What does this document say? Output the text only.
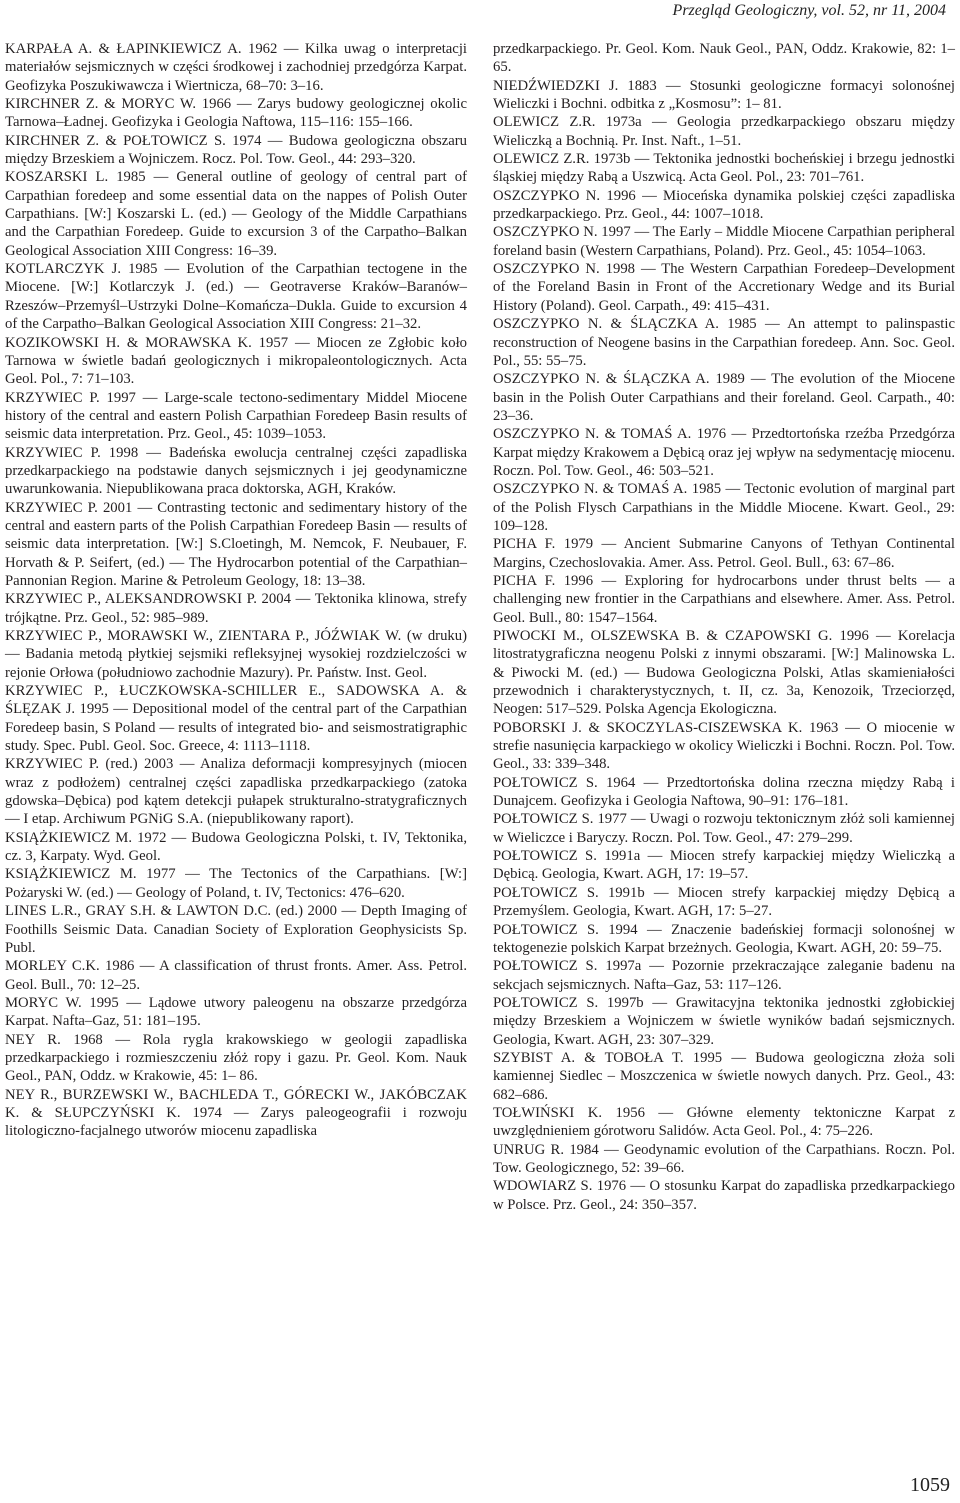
Przegląd Geologiczny, vol. 52, nr 11, 2004

KARPAŁA A. & ŁAPINKIEWICZ A. 1962 — Kilka uwag o interpretacji materiałów sejsmicznych w części środkowej i zachodniej przedgórza Karpat. Geofizyka Poszukiwawcza i Wiertnicza, 68–70: 3–16.

KIRCHNER Z. & MORYC W. 1966 — Zarys budowy geologicznej okolic Tarnowa–Ładnej. Geofizyka i Geologia Naftowa, 115–116: 155–166.

KIRCHNER Z. & POŁTOWICZ S. 1974 — Budowa geologiczna obszaru między Brzeskiem a Wojniczem. Rocz. Pol. Tow. Geol., 44: 293–320.

KOSZARSKI L. 1985 — General outline of geology of central part of Carpathian foredeep and some essential data on the nappes of Polish Outer Carpathians. [W:] Koszarski L. (ed.) — Geology of the Middle Carpathians and the Carpathian Foredeep. Guide to excursion 3 of the Carpatho–Balkan Geological Association XIII Congress: 16–39.

KOTLARCZYK J. 1985 — Evolution of the Carpathian tectogene in the Miocene. [W:] Kotlarczyk J. (ed.) — Geotraverse Kraków–Baranów–Rzeszów–Przemyśl–Ustrzyki Dolne–Komańcza–Dukla. Guide to excursion 4 of the Carpatho–Balkan Geological Association XIII Congress: 21–32.

KOZIKOWSKI H. & MORAWSKA K. 1957 — Miocen ze Zgłobic koło Tarnowa w świetle badań geologicznych i mikropaleontologicznych. Acta Geol. Pol., 7: 71–103.

KRZYWIEC P. 1997 — Large-scale tectono-sedimentary Middel Miocene history of the central and eastern Polish Carpathian Foredeep Basin results of seismic data interpretation. Prz. Geol., 45: 1039–1053.

KRZYWIEC P. 1998 — Badeńska ewolucja centralnej części zapadliska przedkarpackiego na podstawie danych sejsmicznych i jej geodynamiczne uwarunkowania. Niepublikowana praca doktorska, AGH, Kraków.

KRZYWIEC P. 2001 — Contrasting tectonic and sedimentary history of the central and eastern parts of the Polish Carpathian Foredeep Basin — results of seismic data interpretation. [W:] S.Cloetingh, M. Nemcok, F. Neubauer, F. Horvath & P. Seifert, (ed.) — The Hydrocarbon potential of the Carpathian–Pannonian Region. Marine & Petroleum Geology, 18: 13–38.

KRZYWIEC P., ALEKSANDROWSKI P. 2004 — Tektonika klinowa, strefy trójkątne. Prz. Geol., 52: 985–989.

KRZYWIEC P., MORAWSKI W., ZIENTARA P., JÓŹWIAK W. (w druku) — Badania metodą płytkiej sejsmiki refleksyjnej wysokiej rozdzielczości w rejonie Orłowa (południowo zachodnie Mazury). Pr. Państw. Inst. Geol.

KRZYWIEC P., ŁUCZKOWSKA-SCHILLER E., SADOWSKA A. & ŚLĘZAK J. 1995 — Depositional model of the central part of the Carpathian Foredeep basin, S Poland — results of integrated bio- and seismostratigraphic study. Spec. Publ. Geol. Soc. Greece, 4: 1113–1118.

KRZYWIEC P. (red.) 2003 — Analiza deformacji kompresyjnych (miocen wraz z podłożem) centralnej części zapadliska przedkarpackiego (zatoka gdowska–Dębica) pod kątem detekcji pułapek strukturalno-stratygraficznych — I etap. Archiwum PGNiG S.A. (niepublikowany raport).

KSIĄŻKIEWICZ M. 1972 — Budowa Geologiczna Polski, t. IV, Tektonika, cz. 3, Karpaty. Wyd. Geol.

KSIĄŻKIEWICZ M. 1977 — The Tectonics of the Carpathians. [W:] Pożaryski W. (ed.) — Geology of Poland, t. IV, Tectonics: 476–620.

LINES L.R., GRAY S.H. & LAWTON D.C. (ed.) 2000 — Depth Imaging of Foothills Seismic Data. Canadian Society of Exploration Geophysicists Sp. Publ.

MORLEY C.K. 1986 — A classification of thrust fronts. Amer. Ass. Petrol. Geol. Bull., 70: 12–25.

MORYC W. 1995 — Lądowe utwory paleogenu na obszarze przedgórza Karpat. Nafta–Gaz, 51: 181–195.

NEY R. 1968 — Rola rygla krakowskiego w geologii zapadliska przedkarpackiego i rozmieszczeniu złóż ropy i gazu. Pr. Geol. Kom. Nauk Geol., PAN, Oddz. w Krakowie, 45: 1– 86.

NEY R., BURZEWSKI W., BACHLEDA T., GÓRECKI W., JAKÓBCZAK K. & SŁUPCZYŃSKI K. 1974 — Zarys paleogeografii i rozwoju litologiczno-facjalnego utworów miocenu zapadliska

przedkarpackiego. Pr. Geol. Kom. Nauk Geol., PAN, Oddz. Krakowie, 82: 1– 65.

NIEDŹWIEDZKI J. 1883 — Stosunki geologiczne formacyi solonośnej Wieliczki i Bochni. odbitka z „Kosmosu”: 1– 81.

OLEWICZ Z.R. 1973a — Geologia przedkarpackiego obszaru między Wieliczką a Bochnią. Pr. Inst. Naft., 1–51.

OLEWICZ Z.R. 1973b — Tektonika jednostki bocheńskiej i brzegu jednostki śląskiej między Rabą a Uszwicą. Acta Geol. Pol., 23: 701–761.

OSZCZYPKO N. 1996 — Mioceńska dynamika polskiej części zapadliska przedkarpackiego. Prz. Geol., 44: 1007–1018.

OSZCZYPKO N. 1997 — The Early – Middle Miocene Carpathian peripheral foreland basin (Western Carpathians, Poland). Prz. Geol., 45: 1054–1063.

OSZCZYPKO N. 1998 — The Western Carpathian Foredeep–Development of the Foreland Basin in Front of the Accretionary Wedge and its Burial History (Poland). Geol. Carpath., 49: 415–431.

OSZCZYPKO N. & ŚLĄCZKA A. 1985 — An attempt to palinspastic reconstruction of Neogene basins in the Carpathian foredeep. Ann. Soc. Geol. Pol., 55: 55–75.

OSZCZYPKO N. & ŚLĄCZKA A. 1989 — The evolution of the Miocene basin in the Polish Outer Carpathians and their foreland. Geol. Carpath., 40: 23–36.

OSZCZYPKO N. & TOMAŚ A. 1976 — Przedtortońska rzeźba Przedgórza Karpat między Krakowem a Dębicą oraz jej wpływ na sedymentację miocenu. Roczn. Pol. Tow. Geol., 46: 503–521.

OSZCZYPKO N. & TOMAŚ A. 1985 — Tectonic evolution of marginal part of the Polish Flysch Carpathians in the Middle Miocene. Kwart. Geol., 29: 109–128.

PICHA F. 1979 — Ancient Submarine Canyons of Tethyan Continental Margins, Czechoslovakia. Amer. Ass. Petrol. Geol. Bull., 63: 67–86.

PICHA F. 1996 — Exploring for hydrocarbons under thrust belts — a challenging new frontier in the Carpathians and elsewhere. Amer. Ass. Petrol. Geol. Bull., 80: 1547–1564.

PIWOCKI M., OLSZEWSKA B. & CZAPOWSKI G. 1996 — Korelacja litostratygraficzna neogenu Polski z innymi obszarami. [W:] Malinowska L. & Piwocki M. (ed.) — Budowa Geologiczna Polski, Atlas skamieniałości przewodnich i charakterystycznych, t. II, cz. 3a, Kenozoik, Trzeciorzęd, Neogen: 517–529. Polska Agencja Ekologiczna.

POBORSKI J. & SKOCZYLAS-CISZEWSKA K. 1963 — O miocenie w strefie nasunięcia karpackiego w okolicy Wieliczki i Bochni. Roczn. Pol. Tow. Geol., 33: 339–348.

POŁTOWICZ S. 1964 — Przedtortońska dolina rzeczna między Rabą i Dunajcem. Geofizyka i Geologia Naftowa, 90–91: 176–181.

POŁTOWICZ S. 1977 — Uwagi o rozwoju tektonicznym złóż soli kamiennej w Wieliczce i Baryczy. Roczn. Pol. Tow. Geol., 47: 279–299.

POŁTOWICZ S. 1991a — Miocen strefy karpackiej między Wieliczką a Dębicą. Geologia, Kwart. AGH, 17: 19–57.

POŁTOWICZ S. 1991b — Miocen strefy karpackiej między Dębicą a Przemyślem. Geologia, Kwart. AGH, 17: 5–27.

POŁTOWICZ S. 1994 — Znaczenie badeńskiej formacji solonośnej w tektogenezie polskich Karpat brzeżnych. Geologia, Kwart. AGH, 20: 59–75.

POŁTOWICZ S. 1997a — Pozornie przekraczające zaleganie badenu na sekcjach sejsmicznych. Nafta–Gaz, 53: 117–126.

POŁTOWICZ S. 1997b — Grawitacyjna tektonika jednostki zgłobickiej między Brzeskiem a Wojniczem w świetle wyników badań sejsmicznych. Geologia, Kwart. AGH, 23: 307–329.

SZYBIST A. & TOBOŁA T. 1995 — Budowa geologiczna złoża soli kamiennej Siedlec – Moszczenica w świetle nowych danych. Prz. Geol., 43: 682–686.

TOŁWIŃSKI K. 1956 — Główne elementy tektoniczne Karpat z uwzględnieniem górotworu Salidów. Acta Geol. Pol., 4: 75–226.

UNRUG R. 1984 — Geodynamic evolution of the Carpathians. Roczn. Pol. Tow. Geologicznego, 52: 39–66.

WDOWIARZ S. 1976 — O stosunku Karpat do zapadliska przedkarpackiego w Polsce. Prz. Geol., 24: 350–357.

1059
